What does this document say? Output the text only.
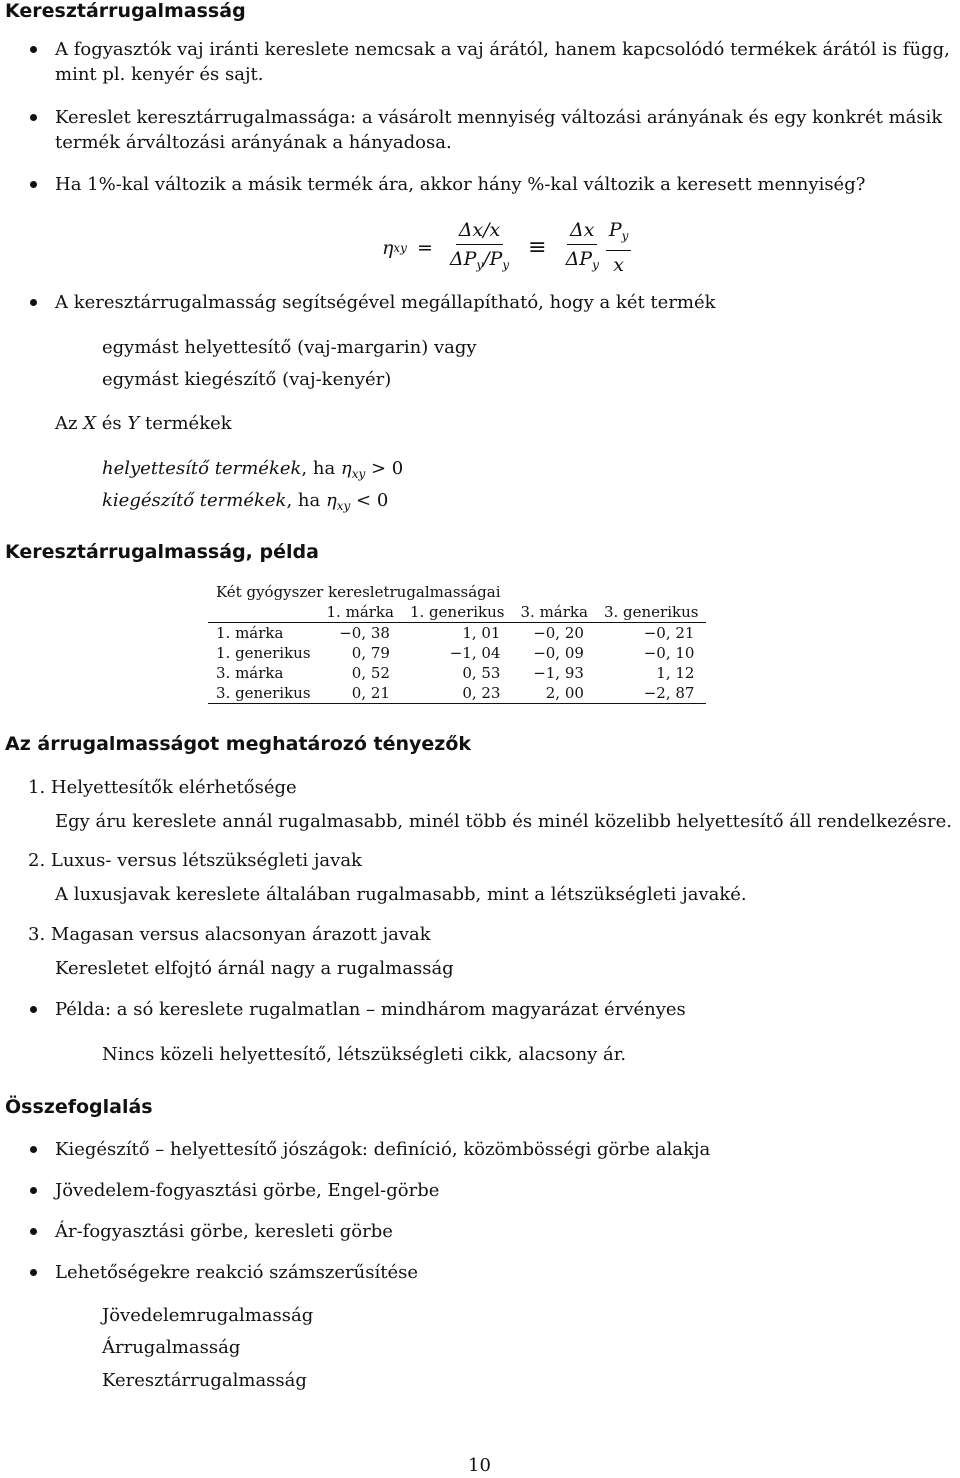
Keresztárrugalmasság
A fogyasztók vaj iránti kereslete nemcsak a vaj árától, hanem kapcsolódó termékek árától is függ,
mint pl. kenyér és sajt.
Kereslet keresztárrugalmassága: a vásárolt mennyiség változási arányának és egy konkrét másik
termék árváltozási arányának a hányadosa.
Ha 1%-kal változik a másik termék ára, akkor hány %-kal változik a keresett mennyiség?
η xy = $\frac{\Delta x/x}{\Delta P_y/P_y} \equiv \frac{\Delta x}{\Delta P_y} \frac{P_y}{x}$
A keresztárrugalmasság segítségével megállapítható, hogy a két termék
egymást helyettesítő (vaj-margarin) vagy
egymást kiegészítő (vaj-kenyér)
Az X és Y termékek
helyettesítő termékek, ha $\eta_{xy} > 0$
kiegészítő termékek, ha $\eta_{xy} < 0$
Keresztárrugalmasság, példa
Két gyógyszer keresletrugalmasságai
	1. márka	1. generikus	3. márka	3. generikus
1. márka	−0, 38	1, 01	−0, 20	−0, 21
1. generikus	0, 79	−1, 04	−0, 09	−0, 10
3. márka	0, 52	0, 53	−1, 93	1, 12
3. generikus	0, 21	0, 23	2, 00	−2, 87
Az árrugalmasságot meghatározó tényezők
1. Helyettesítők elérhetősége
Egy áru kereslete annál rugalmasabb, minél több és minél közelibb helyettesítő áll rendelkezésre.
2. Luxus- versus létszükségleti javak
A luxusjavak kereslete általában rugalmasabb, mint a létszükségleti javaké.
3. Magasan versus alacsonyan árazott javak
Keresletet elfojtó árnál nagy a rugalmasság
Példa: a só kereslete rugalmatlan – mindhárom magyarázat érvényes
Nincs közeli helyettesítő, létszükségleti cikk, alacsony ár.
Összefoglalás
Kiegészítő – helyettesítő jószágok: definíció, közömbösségi görbe alakja
Jövedelem-fogyasztási görbe, Engel-görbe
Ár-fogyasztási görbe, keresleti görbe
Lehetőségekre reakció számszerűsítése
Jövedelemrugalmasság
Árrugalmasság
Keresztárrugalmasság
10
